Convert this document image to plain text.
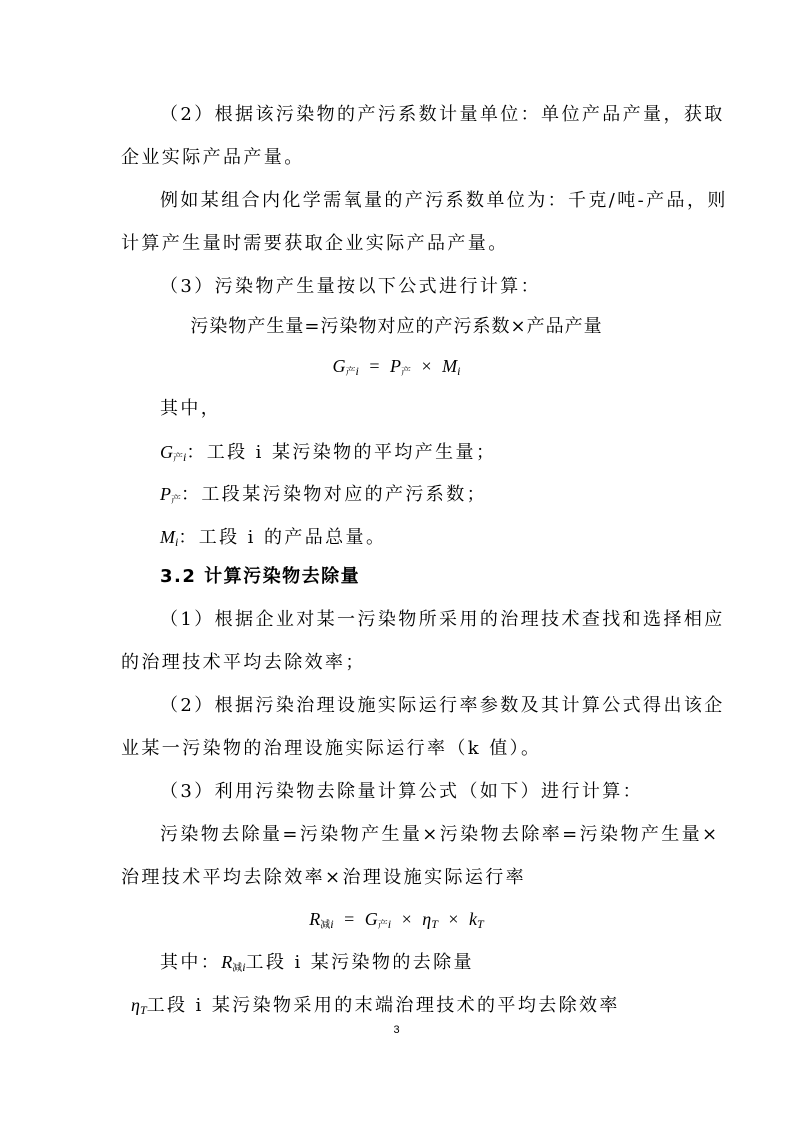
（2）根据该污染物的产污系数计量单位：单位产品产量，获取
企业实际产品产量。
例如某组合内化学需氧量的产污系数单位为：千克/吨-产品，则
计算产生量时需要获取企业实际产品产量。
（3）污染物产生量按以下公式进行计算：
污染物产生量=污染物对应的产污系数×产品产量
$G_{产i} = P_产 \times M_i$
其中，
$G_{产i}$：工段 i 某污染物的平均产生量；
$P_产$：工段某污染物对应的产污系数；
$M_i$：工段 i 的产品总量。
3.2 计算污染物去除量
（1）根据企业对某一污染物所采用的治理技术查找和选择相应
的治理技术平均去除效率；
（2）根据污染治理设施实际运行率参数及其计算公式得出该企
业某一污染物的治理设施实际运行率（k 值）。
（3）利用污染物去除量计算公式（如下）进行计算：
污染物去除量=污染物产生量×污染物去除率=污染物产生量×
治理技术平均去除效率×治理设施实际运行率
$R_{减i} = G_{产i} \times \eta_T \times k_T$
其中：$R_{减i}$工段 i 某污染物的去除量
$\eta_T$工段 i 某污染物采用的末端治理技术的平均去除效率
3
